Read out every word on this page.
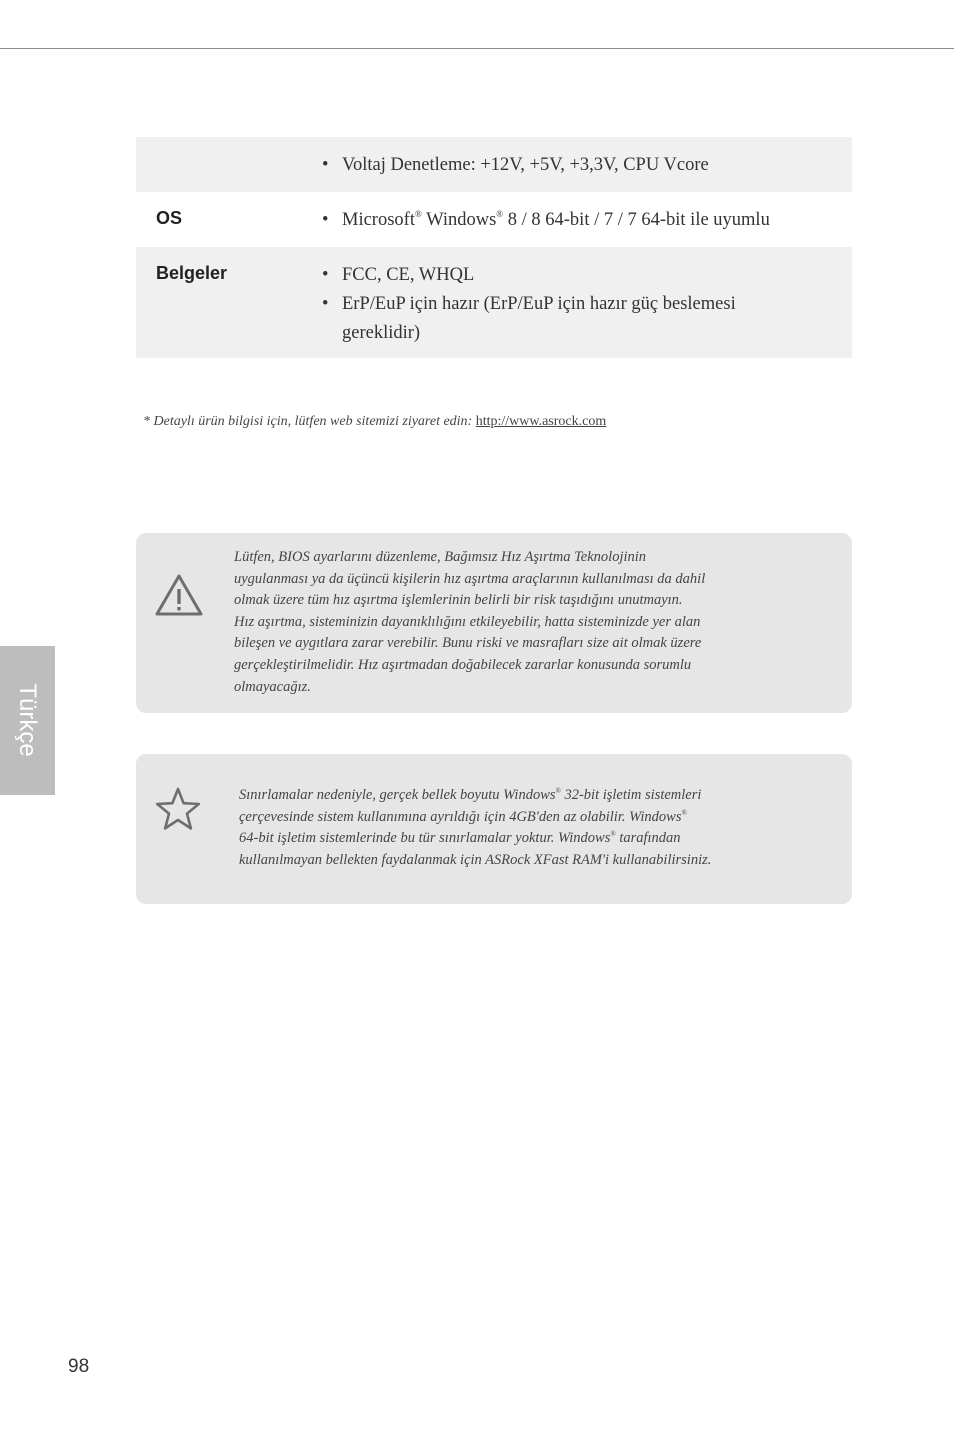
• Voltaj Denetleme: +12V, +5V, +3,3V, CPU Vcore
OS	• Microsoft® Windows® 8 / 8 64-bit / 7 / 7 64-bit ile uyumlu
Belgeler	• FCC, CE, WHQL
• ErP/EuP için hazır (ErP/EuP için hazır güç beslemesi
gereklidir)
* Detaylı ürün bilgisi için, lütfen web sitemizi ziyaret edin: http://www.asrock.com
Lütfen, BIOS ayarlarını düzenleme, Bağımsız Hız Aşırtma Teknolojinin
uygulanması ya da üçüncü kişilerin hız aşırtma araçlarının kullanılması da dahil
olmak üzere tüm hız aşırtma işlemlerinin belirli bir risk taşıdığını unutmayın.
Hız aşırtma, sisteminizin dayanıklılığını etkileyebilir, hatta sisteminizde yer alan
bileşen ve aygıtlara zarar verebilir. Bunu riski ve masrafları size ait olmak üzere
gerçekleştirilmelidir. Hız aşırtmadan doğabilecek zararlar konusunda sorumlu
olmayacağız.
Sınırlamalar nedeniyle, gerçek bellek boyutu Windows® 32-bit işletim sistemleri
çerçevesinde sistem kullanımına ayrıldığı için 4GB'den az olabilir. Windows®
64-bit işletim sistemlerinde bu tür sınırlamalar yoktur. Windows® tarafından
kullanılmayan bellekten faydalanmak için ASRock XFast RAM'i kullanabilirsiniz.
Türkçe
98
